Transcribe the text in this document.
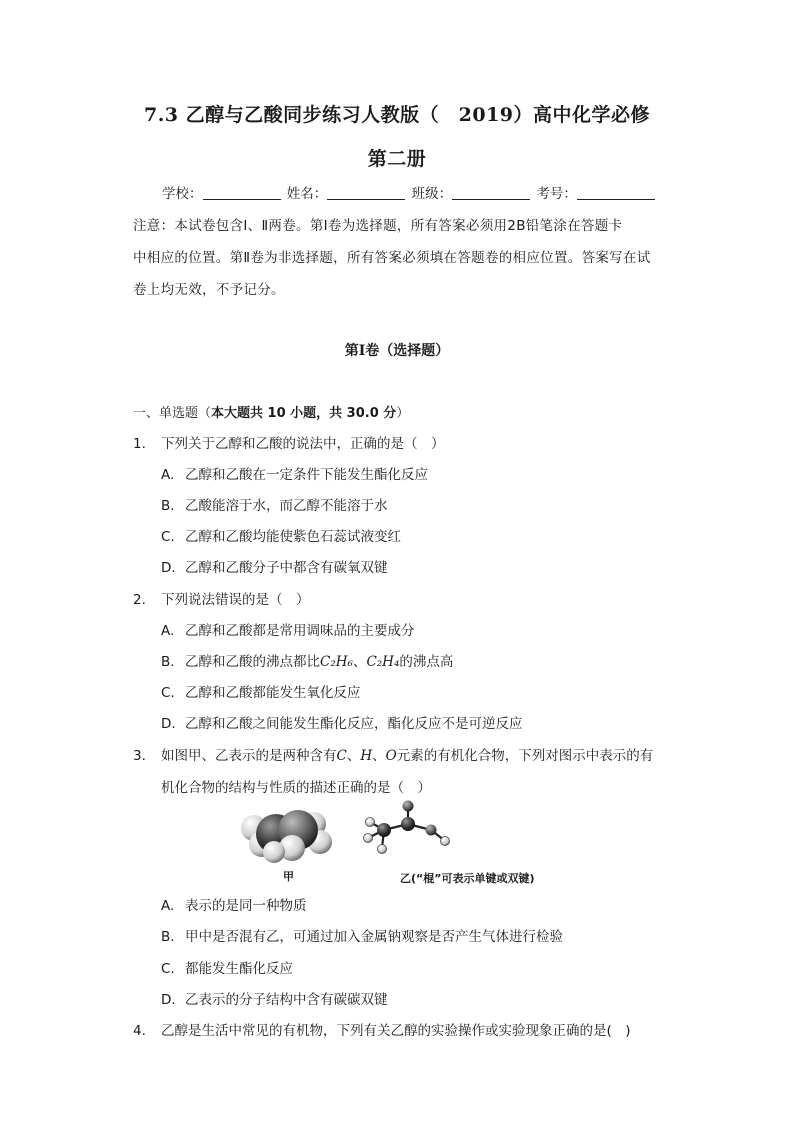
7.3 乙醇与乙酸同步练习人教版（　2019）高中化学必修
第二册
学校：	姓名：	班级：	考号：
注意：本试卷包含Ⅰ、Ⅱ两卷。第Ⅰ卷为选择题，所有答案必须用2B铅笔涂在答题卡
中相应的位置。第Ⅱ卷为非选择题，所有答案必须填在答题卷的相应位置。答案写在试
卷上均无效，不予记分。
第Ⅰ卷（选择题）
一、单选题（本大题共 10 小题，共 30.0 分）
1. 下列关于乙醇和乙酸的说法中，正确的是（　）
A. 乙醇和乙酸在一定条件下能发生酯化反应
B. 乙酸能溶于水，而乙醇不能溶于水
C. 乙醇和乙酸均能使紫色石蕊试液变红
D. 乙醇和乙酸分子中都含有碳氧双键
2. 下列说法错误的是（　）
A. 乙醇和乙酸都是常用调味品的主要成分
B. 乙醇和乙酸的沸点都比C₂H₆、C₂H₄的沸点高
C. 乙醇和乙酸都能发生氧化反应
D. 乙醇和乙酸之间能发生酯化反应，酯化反应不是可逆反应
3. 如图甲、乙表示的是两种含有C、H、O元素的有机化合物，下列对图示中表示的有
机化合物的结构与性质的描述正确的是（　）
甲	乙(“棍”可表示单键或双键)
A. 表示的是同一种物质
B. 甲中是否混有乙，可通过加入金属钠观察是否产生气体进行检验
C. 都能发生酯化反应
D. 乙表示的分子结构中含有碳碳双键
4. 乙醇是生活中常见的有机物，下列有关乙醇的实验操作或实验现象正确的是(　)
